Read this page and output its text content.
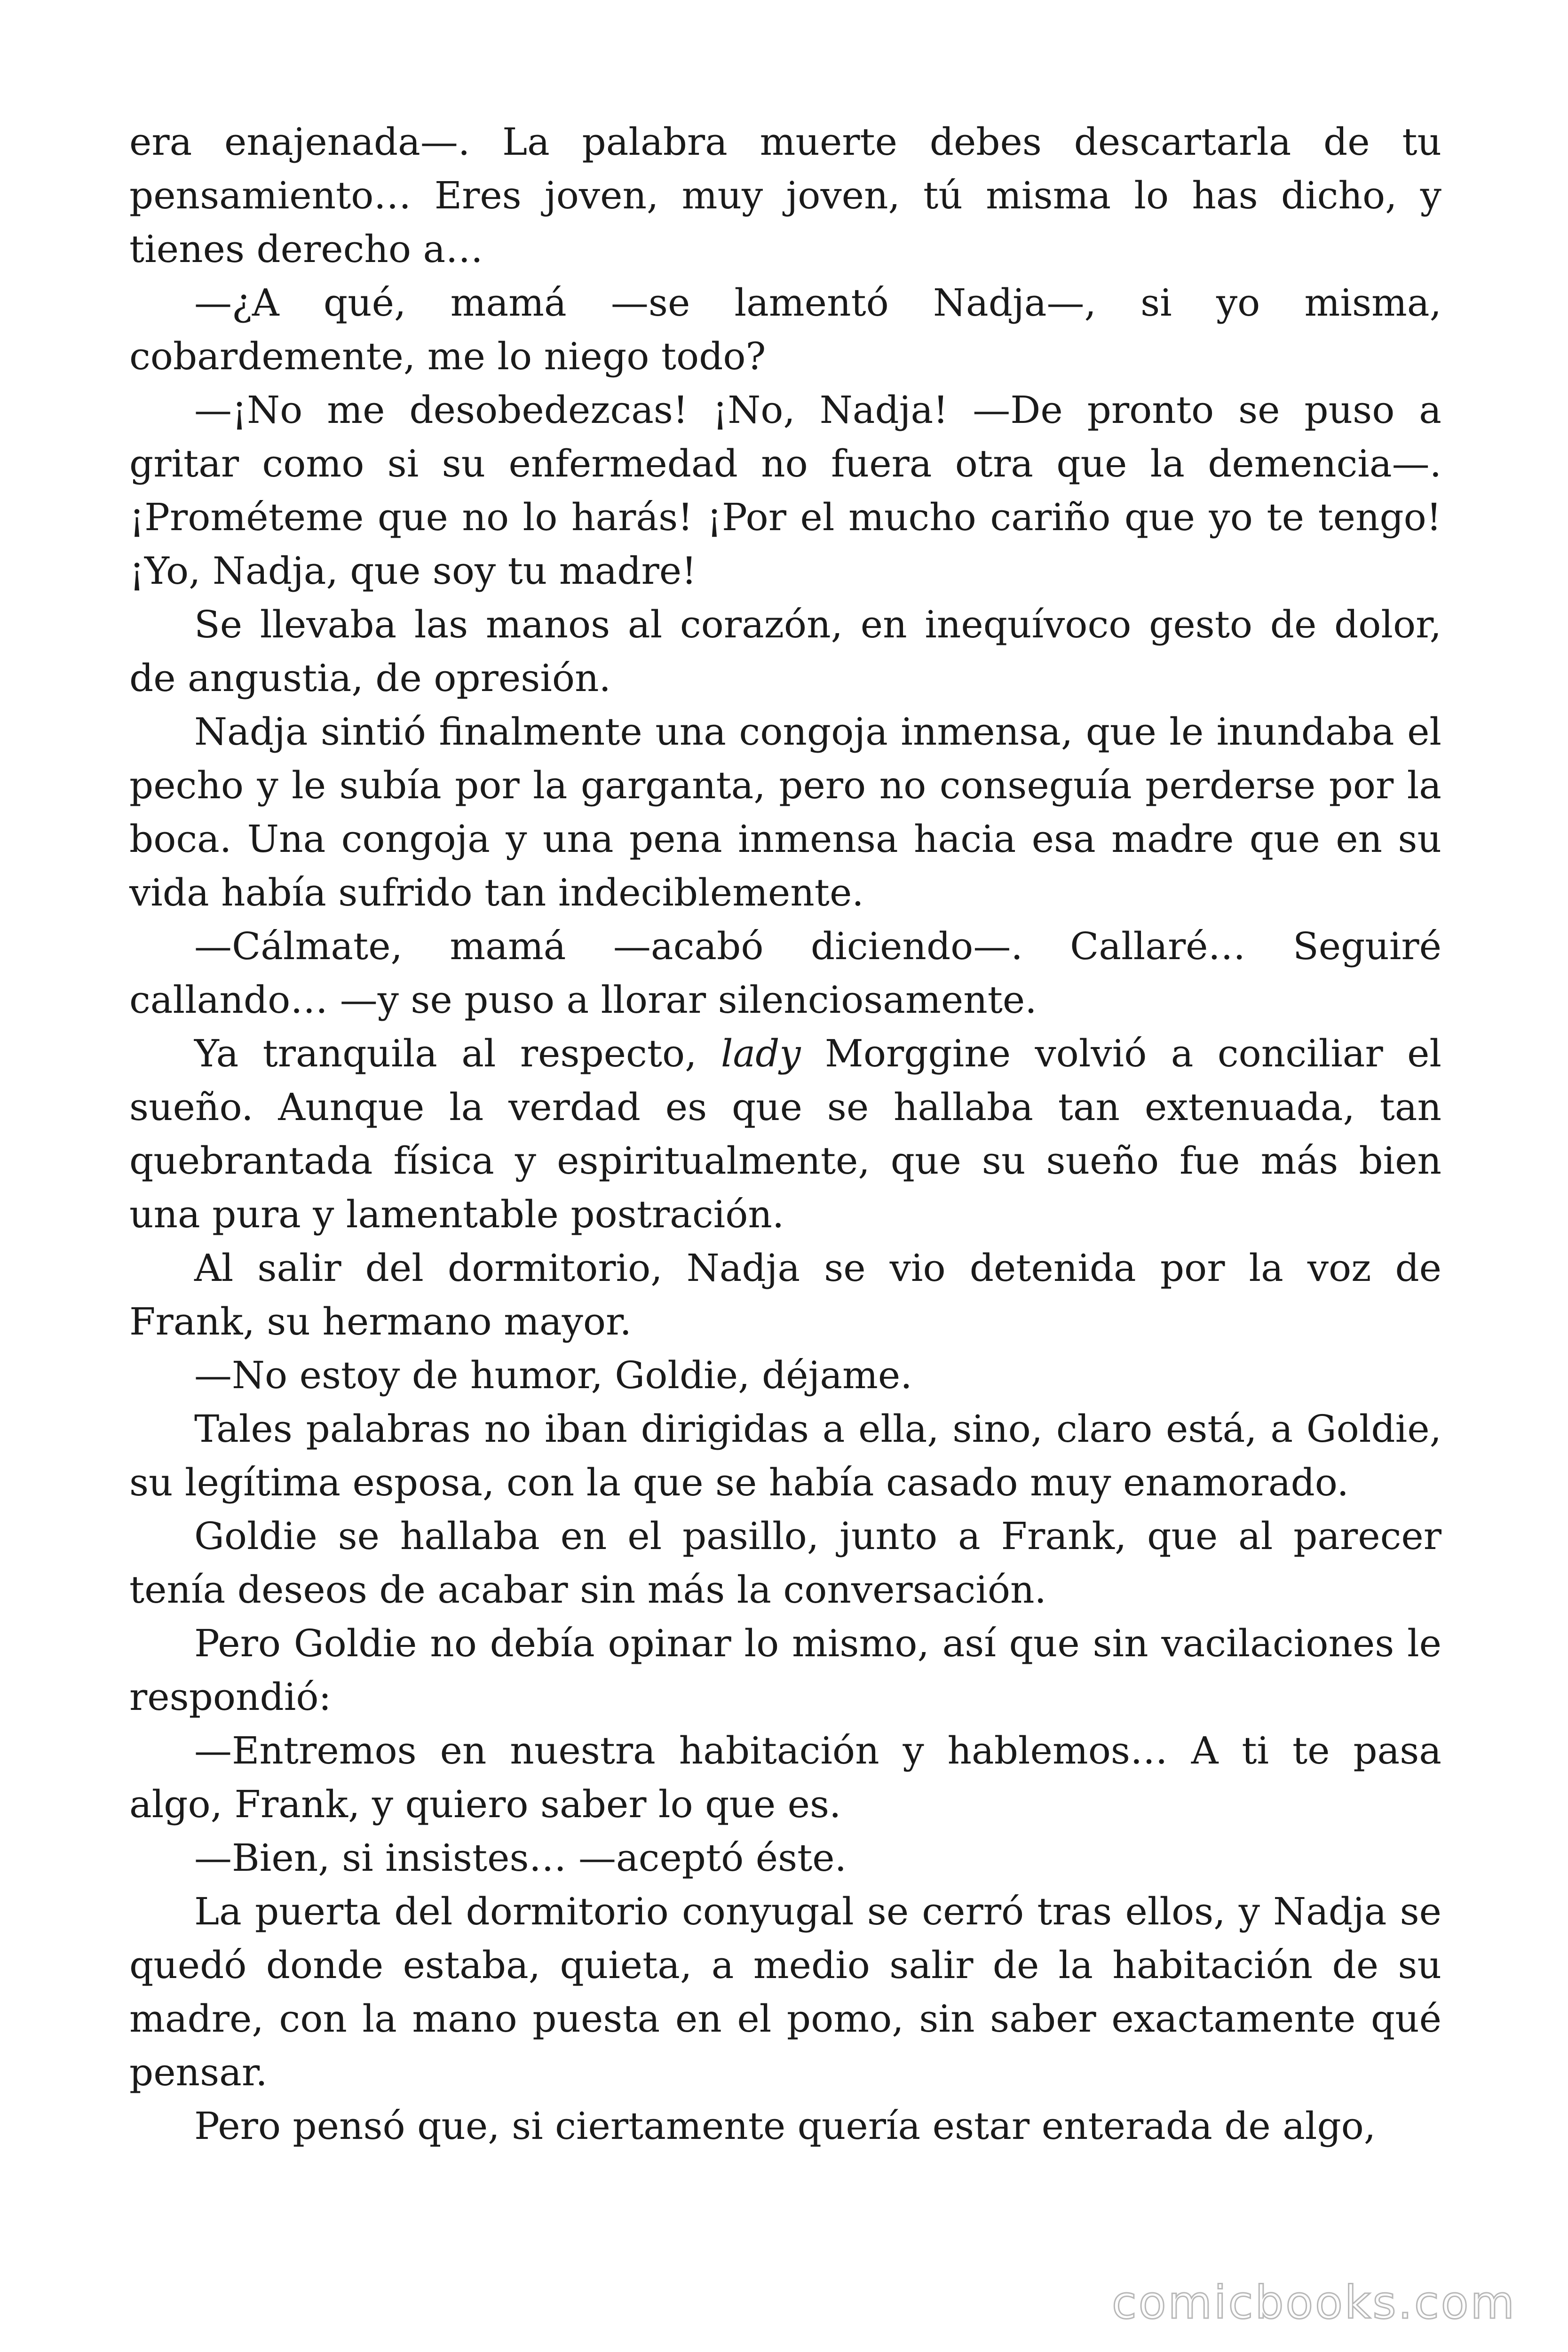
era enajenada—. La palabra muerte debes descartarla de tu pensamiento… Eres joven, muy joven, tú misma lo has dicho, y tienes derecho a…

—¿A qué, mamá —se lamentó Nadja—, si yo misma, cobardemente, me lo niego todo?

—¡No me desobedezcas! ¡No, Nadja! —De pronto se puso a gritar como si su enfermedad no fuera otra que la demencia—. ¡Prométeme que no lo harás! ¡Por el mucho cariño que yo te tengo! ¡Yo, Nadja, que soy tu madre!

Se llevaba las manos al corazón, en inequívoco gesto de dolor, de angustia, de opresión.

Nadja sintió finalmente una congoja inmensa, que le inundaba el pecho y le subía por la garganta, pero no conseguía perderse por la boca. Una congoja y una pena inmensa hacia esa madre que en su vida había sufrido tan indeciblemente.

—Cálmate, mamá —acabó diciendo—. Callaré… Seguiré callando… —y se puso a llorar silenciosamente.

Ya tranquila al respecto, lady Morggine volvió a conciliar el sueño. Aunque la verdad es que se hallaba tan extenuada, tan quebrantada física y espiritualmente, que su sueño fue más bien una pura y lamentable postración.

Al salir del dormitorio, Nadja se vio detenida por la voz de Frank, su hermano mayor.

—No estoy de humor, Goldie, déjame.

Tales palabras no iban dirigidas a ella, sino, claro está, a Goldie, su legítima esposa, con la que se había casado muy enamorado.

Goldie se hallaba en el pasillo, junto a Frank, que al parecer tenía deseos de acabar sin más la conversación.

Pero Goldie no debía opinar lo mismo, así que sin vacilaciones le respondió:

—Entremos en nuestra habitación y hablemos… A ti te pasa algo, Frank, y quiero saber lo que es.

—Bien, si insistes… —aceptó éste.

La puerta del dormitorio conyugal se cerró tras ellos, y Nadja se quedó donde estaba, quieta, a medio salir de la habitación de su madre, con la mano puesta en el pomo, sin saber exactamente qué pensar.

Pero pensó que, si ciertamente quería estar enterada de algo,

comicbooks.com
